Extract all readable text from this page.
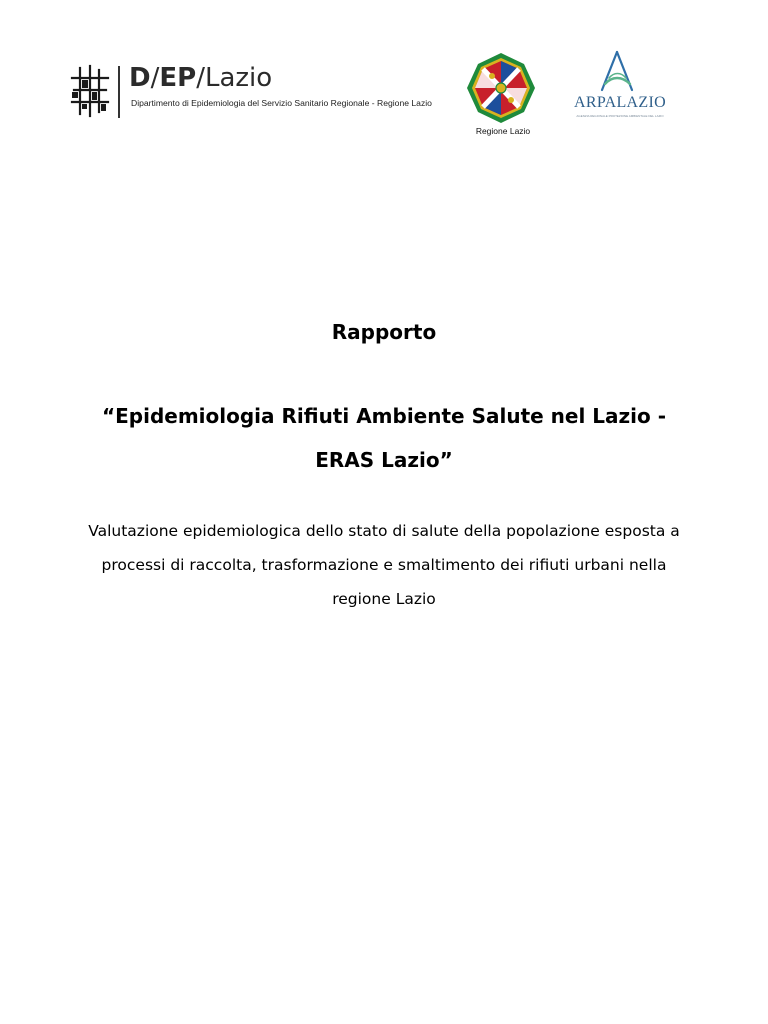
D/EP/Lazio
Dipartimento di Epidemiologia del Servizio Sanitario Regionale - Regione Lazio
Regione Lazio
ARPALAZIO
AGENZIA REGIONALE PROTEZIONE AMBIENTALE DEL LAZIO
Rapporto
“Epidemiologia Rifiuti Ambiente Salute nel Lazio - ERAS Lazio”
Valutazione epidemiologica dello stato di salute della popolazione esposta a processi di raccolta, trasformazione e smaltimento dei rifiuti urbani nella regione Lazio
